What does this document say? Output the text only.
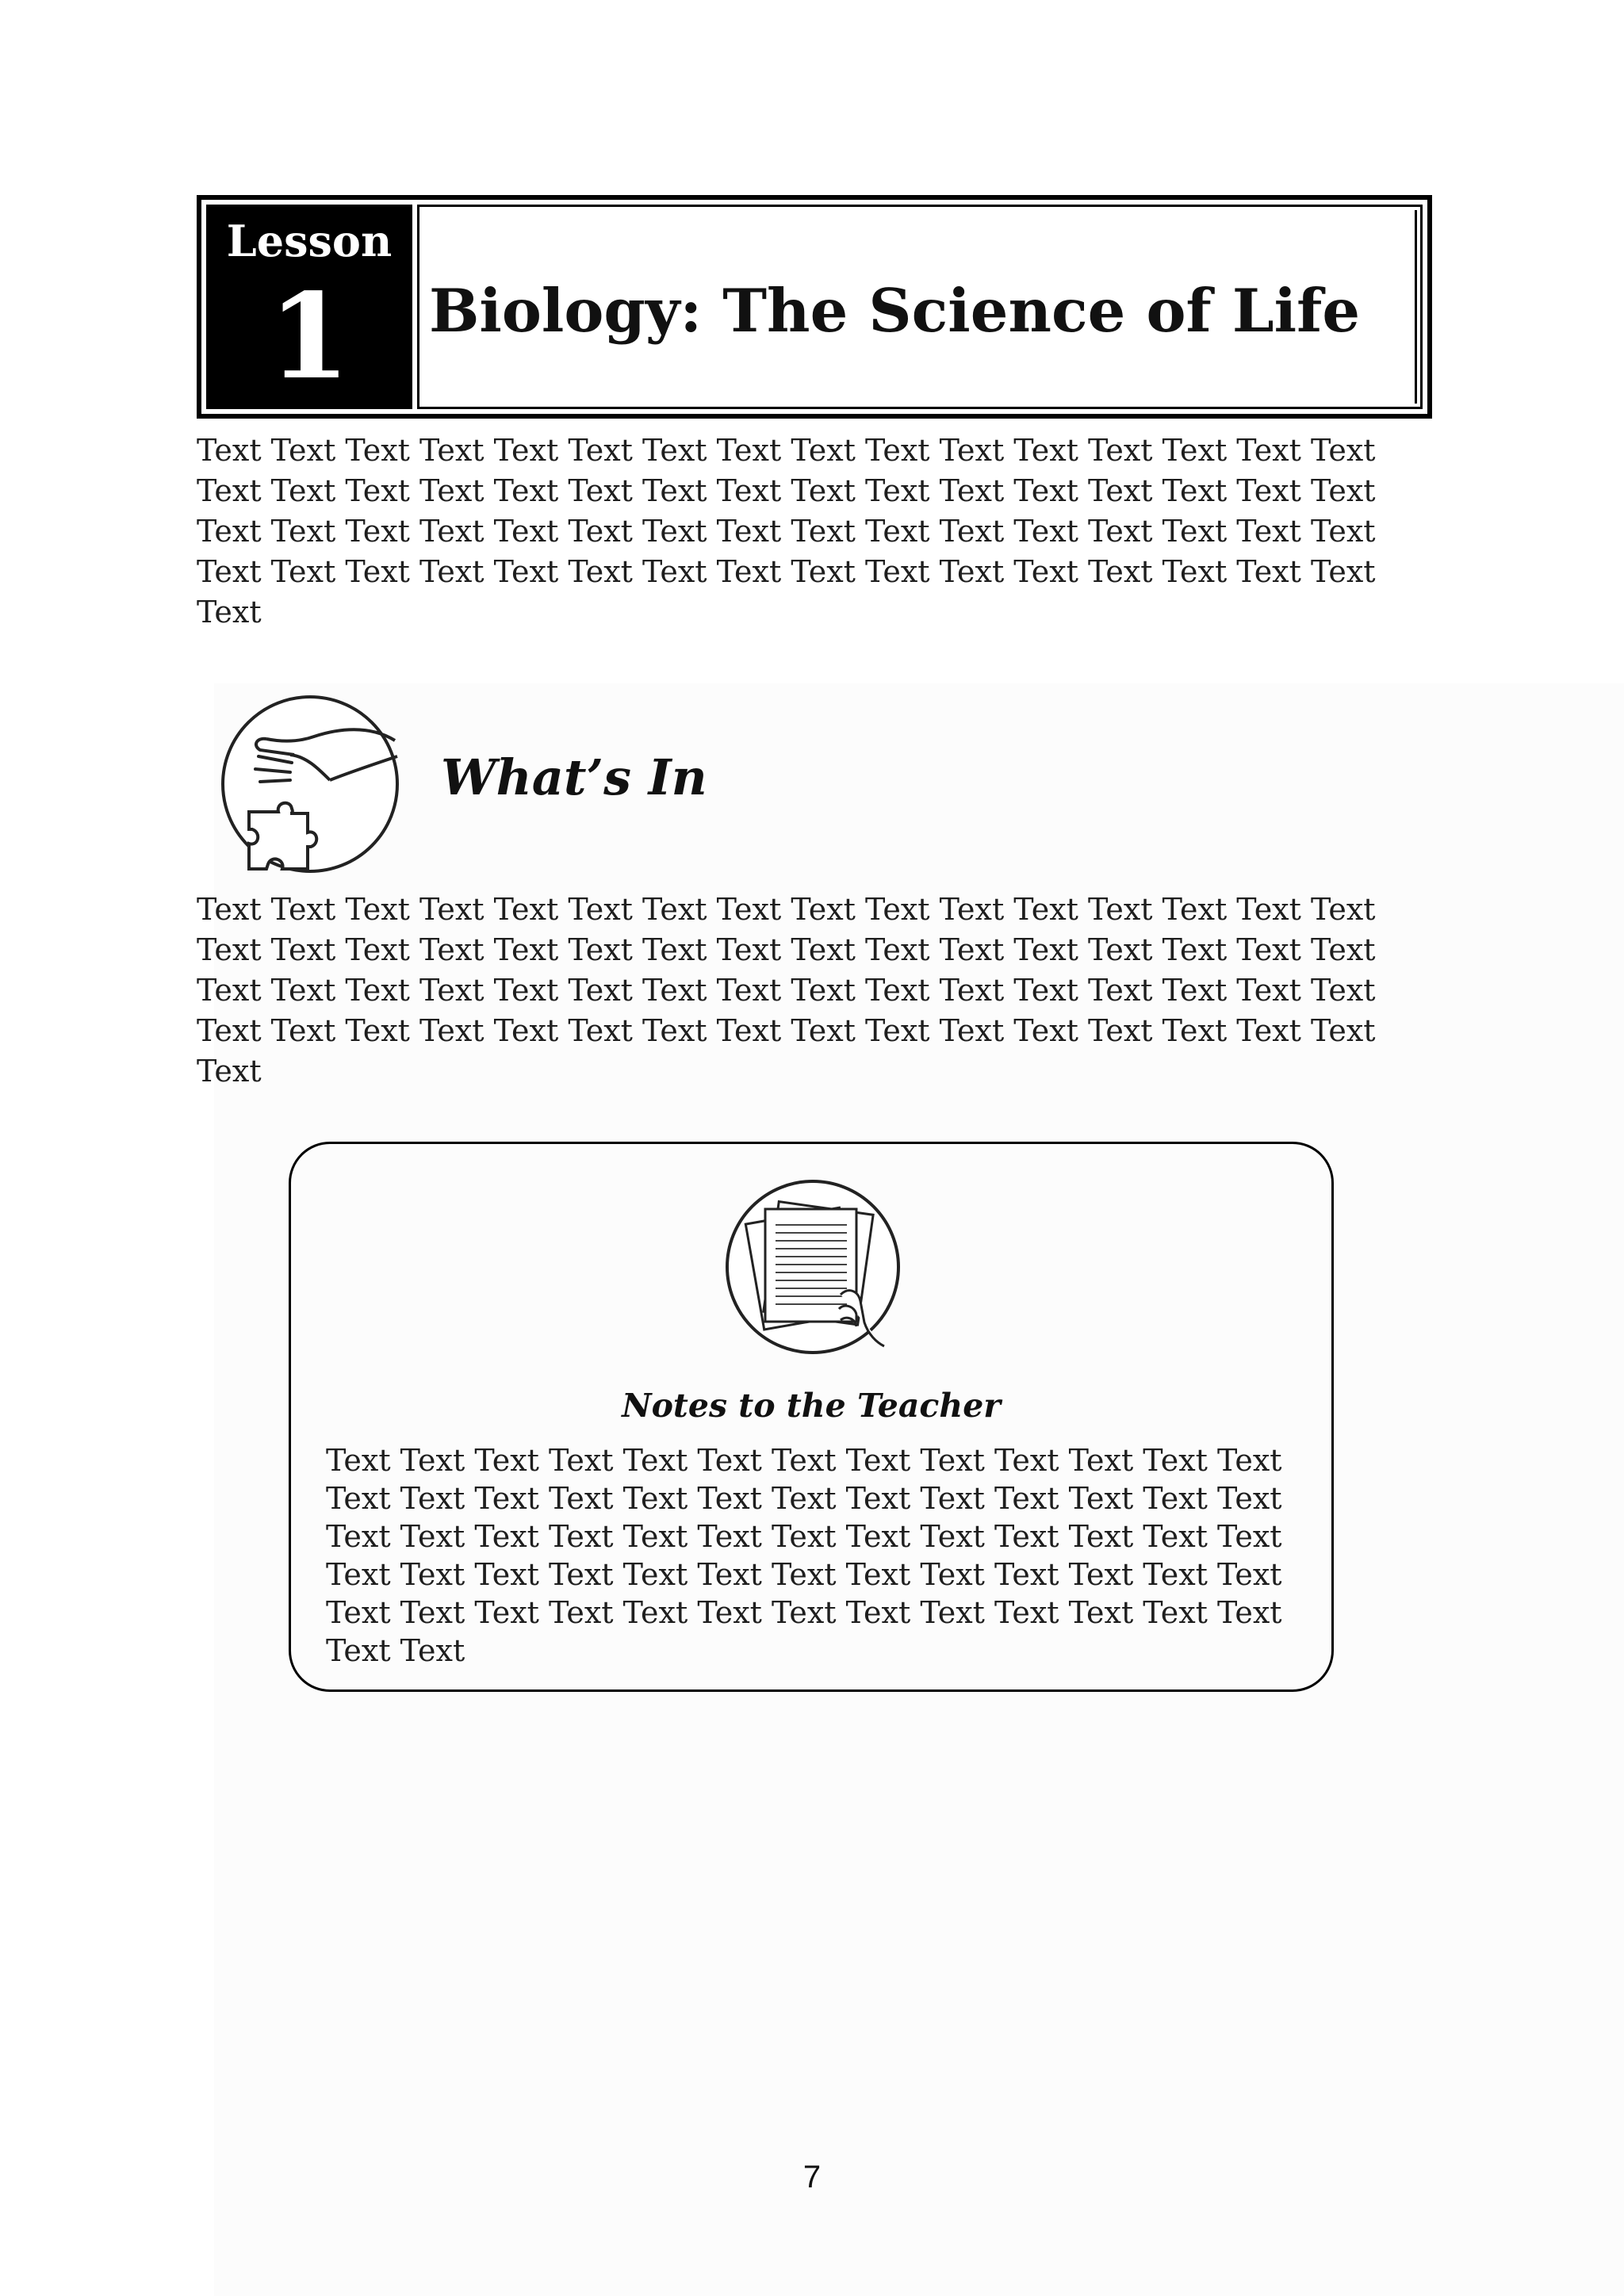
Lesson
1	Biology: The Science of Life
Text Text Text Text Text Text Text Text Text Text Text Text Text Text Text Text Text Text Text Text Text Text Text Text Text Text Text Text Text Text Text Text Text Text Text Text Text Text Text Text Text Text Text Text Text Text Text Text Text Text Text Text Text Text Text Text Text Text Text Text Text Text Text Text Text
What’s In
Text Text Text Text Text Text Text Text Text Text Text Text Text Text Text Text Text Text Text Text Text Text Text Text Text Text Text Text Text Text Text Text Text Text Text Text Text Text Text Text Text Text Text Text Text Text Text Text Text Text Text Text Text Text Text Text Text Text Text Text Text Text Text Text Text
Notes to the Teacher
Text Text Text Text Text Text Text Text Text Text Text Text Text Text Text Text Text Text Text Text Text Text Text Text Text Text Text Text Text Text Text Text Text Text Text Text Text Text Text Text Text Text Text Text Text Text Text Text Text Text Text Text Text Text Text Text Text Text Text Text Text Text Text Text Text Text Text
7
